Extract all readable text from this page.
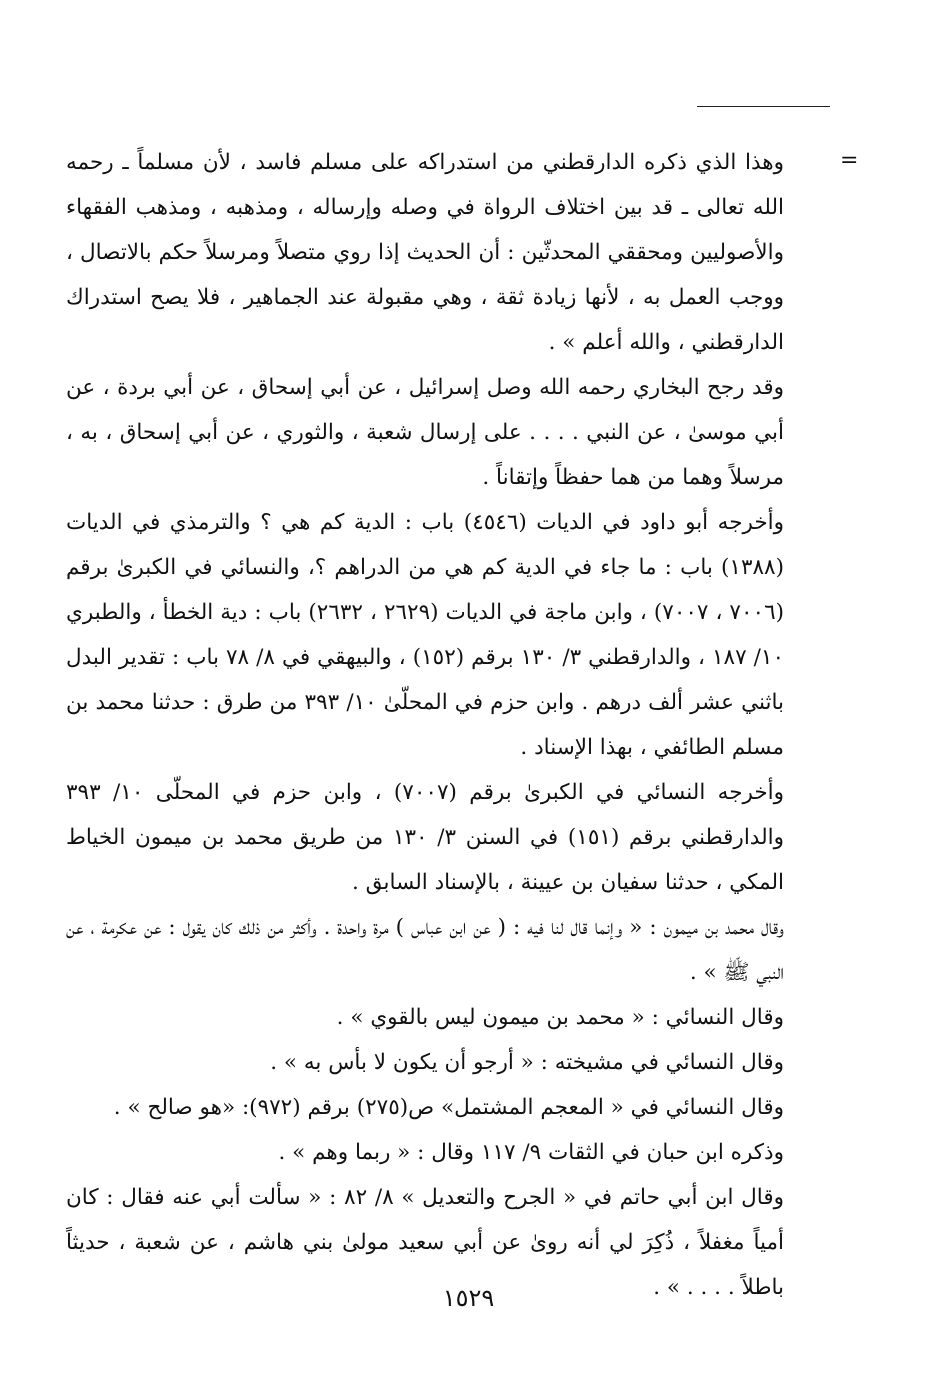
=

وهذا الذي ذكره الدارقطني من استدراكه على مسلم فاسد ، لأن مسلماً ـ رحمه الله تعالى ـ قد بين اختلاف الرواة في وصله وإرساله ، ومذهبه ، ومذهب الفقهاء والأصوليين ومحققي المحدثّين : أن الحديث إذا روي متصلاً ومرسلاً حكم بالاتصال ، ووجب العمل به ، لأنها زيادة ثقة ، وهي مقبولة عند الجماهير ، فلا يصح استدراك الدارقطني ، والله أعلم » .

وقد رجح البخاري رحمه الله وصل إسرائيل ، عن أبي إسحاق ، عن أبي بردة ، عن أبي موسىٰ ، عن النبي . . . . على إرسال شعبة ، والثوري ، عن أبي إسحاق ، به ، مرسلاً وهما من هما حفظاً وإتقاناً .

وأخرجه أبو داود في الديات (٤٥٤٦) باب : الدية كم هي ؟ والترمذي في الديات (١٣٨٨) باب : ما جاء في الدية كم هي من الدراهم ؟، والنسائي في الكبرىٰ برقم (٧٠٠٦ ، ٧٠٠٧) ، وابن ماجة في الديات (٢٦٢٩ ، ٢٦٣٢) باب : دية الخطأ ، والطبري ١٠/ ١٨٧ ، والدارقطني ٣/ ١٣٠ برقم (١٥٢) ، والبيهقي في ٨/ ٧٨ باب : تقدير البدل باثني عشر ألف درهم . وابن حزم في المحلّىٰ ١٠/ ٣٩٣ من طرق : حدثنا محمد بن مسلم الطائفي ، بهذا الإسناد .

وأخرجه النسائي في الكبرىٰ برقم (٧٠٠٧) ، وابن حزم في المحلّى ١٠/ ٣٩٣ والدارقطني برقم (١٥١) في السنن ٣/ ١٣٠ من طريق محمد بن ميمون الخياط المكي ، حدثنا سفيان بن عيينة ، بالإسناد السابق .

وقال محمد بن ميمون : « وإنما قال لنا فيه : ( عن ابن عباس ) مرة واحدة . وأكثر من ذلك كان يقول : عن عكرمة ، عن النبي ﷺ » .

وقال النسائي : « محمد بن ميمون ليس بالقوي » .

وقال النسائي في مشيخته : « أرجو أن يكون لا بأس به » .

وقال النسائي في « المعجم المشتمل» ص(٢٧٥) برقم (٩٧٢): «هو صالح » .

وذكره ابن حبان في الثقات ٩/ ١١٧ وقال : « ربما وهم » .

وقال ابن أبي حاتم في « الجرح والتعديل » ٨/ ٨٢ : « سألت أبي عنه فقال : كان أمياً مغفلاً ، ذُكِرَ لي أنه روىٰ عن أبي سعيد مولىٰ بني هاشم ، عن شعبة ، حديثاً باطلاً . . . . » .

١٥٢٩
